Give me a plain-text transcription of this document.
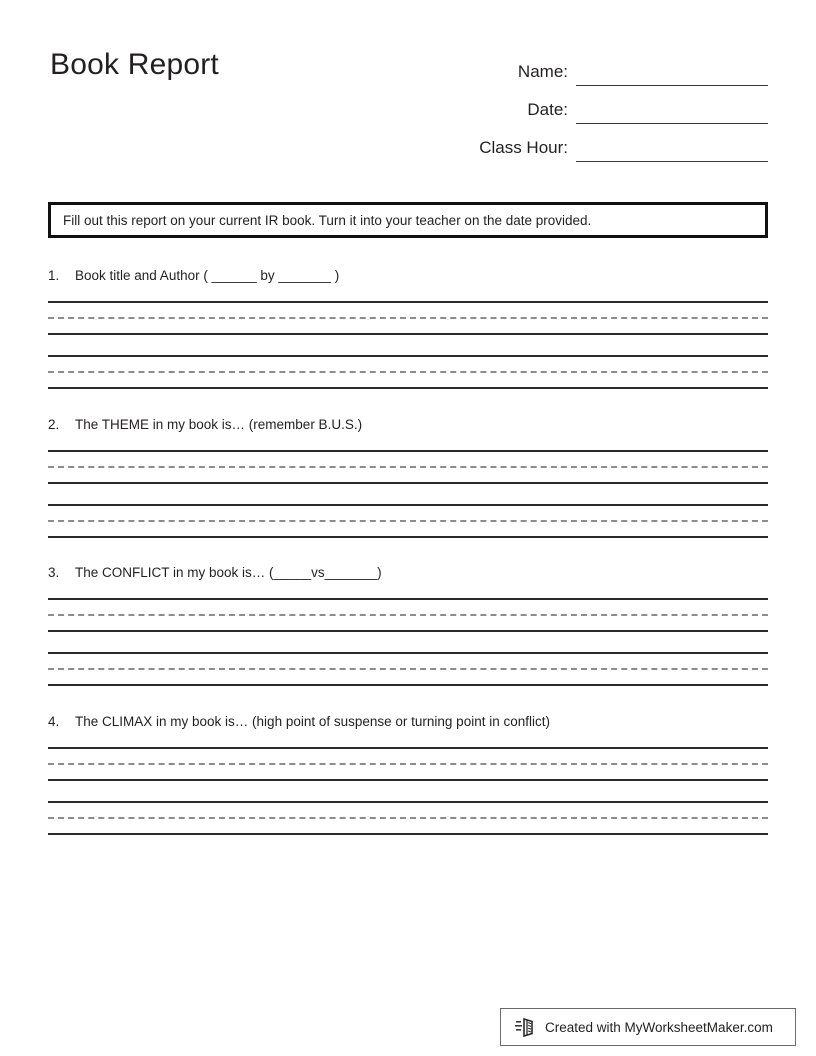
Book Report	Name:
Date:
Class Hour:
Fill out this report on your current IR book. Turn it into your teacher on the date provided.
1.	Book title and Author ( ______ by _______ )
2.	The THEME in my book is… (remember B.U.S.)
3.	The CONFLICT in my book is… (_____vs_______)
4.	The CLIMAX in my book is… (high point of suspense or turning point in conflict)
Created with MyWorksheetMaker.com
